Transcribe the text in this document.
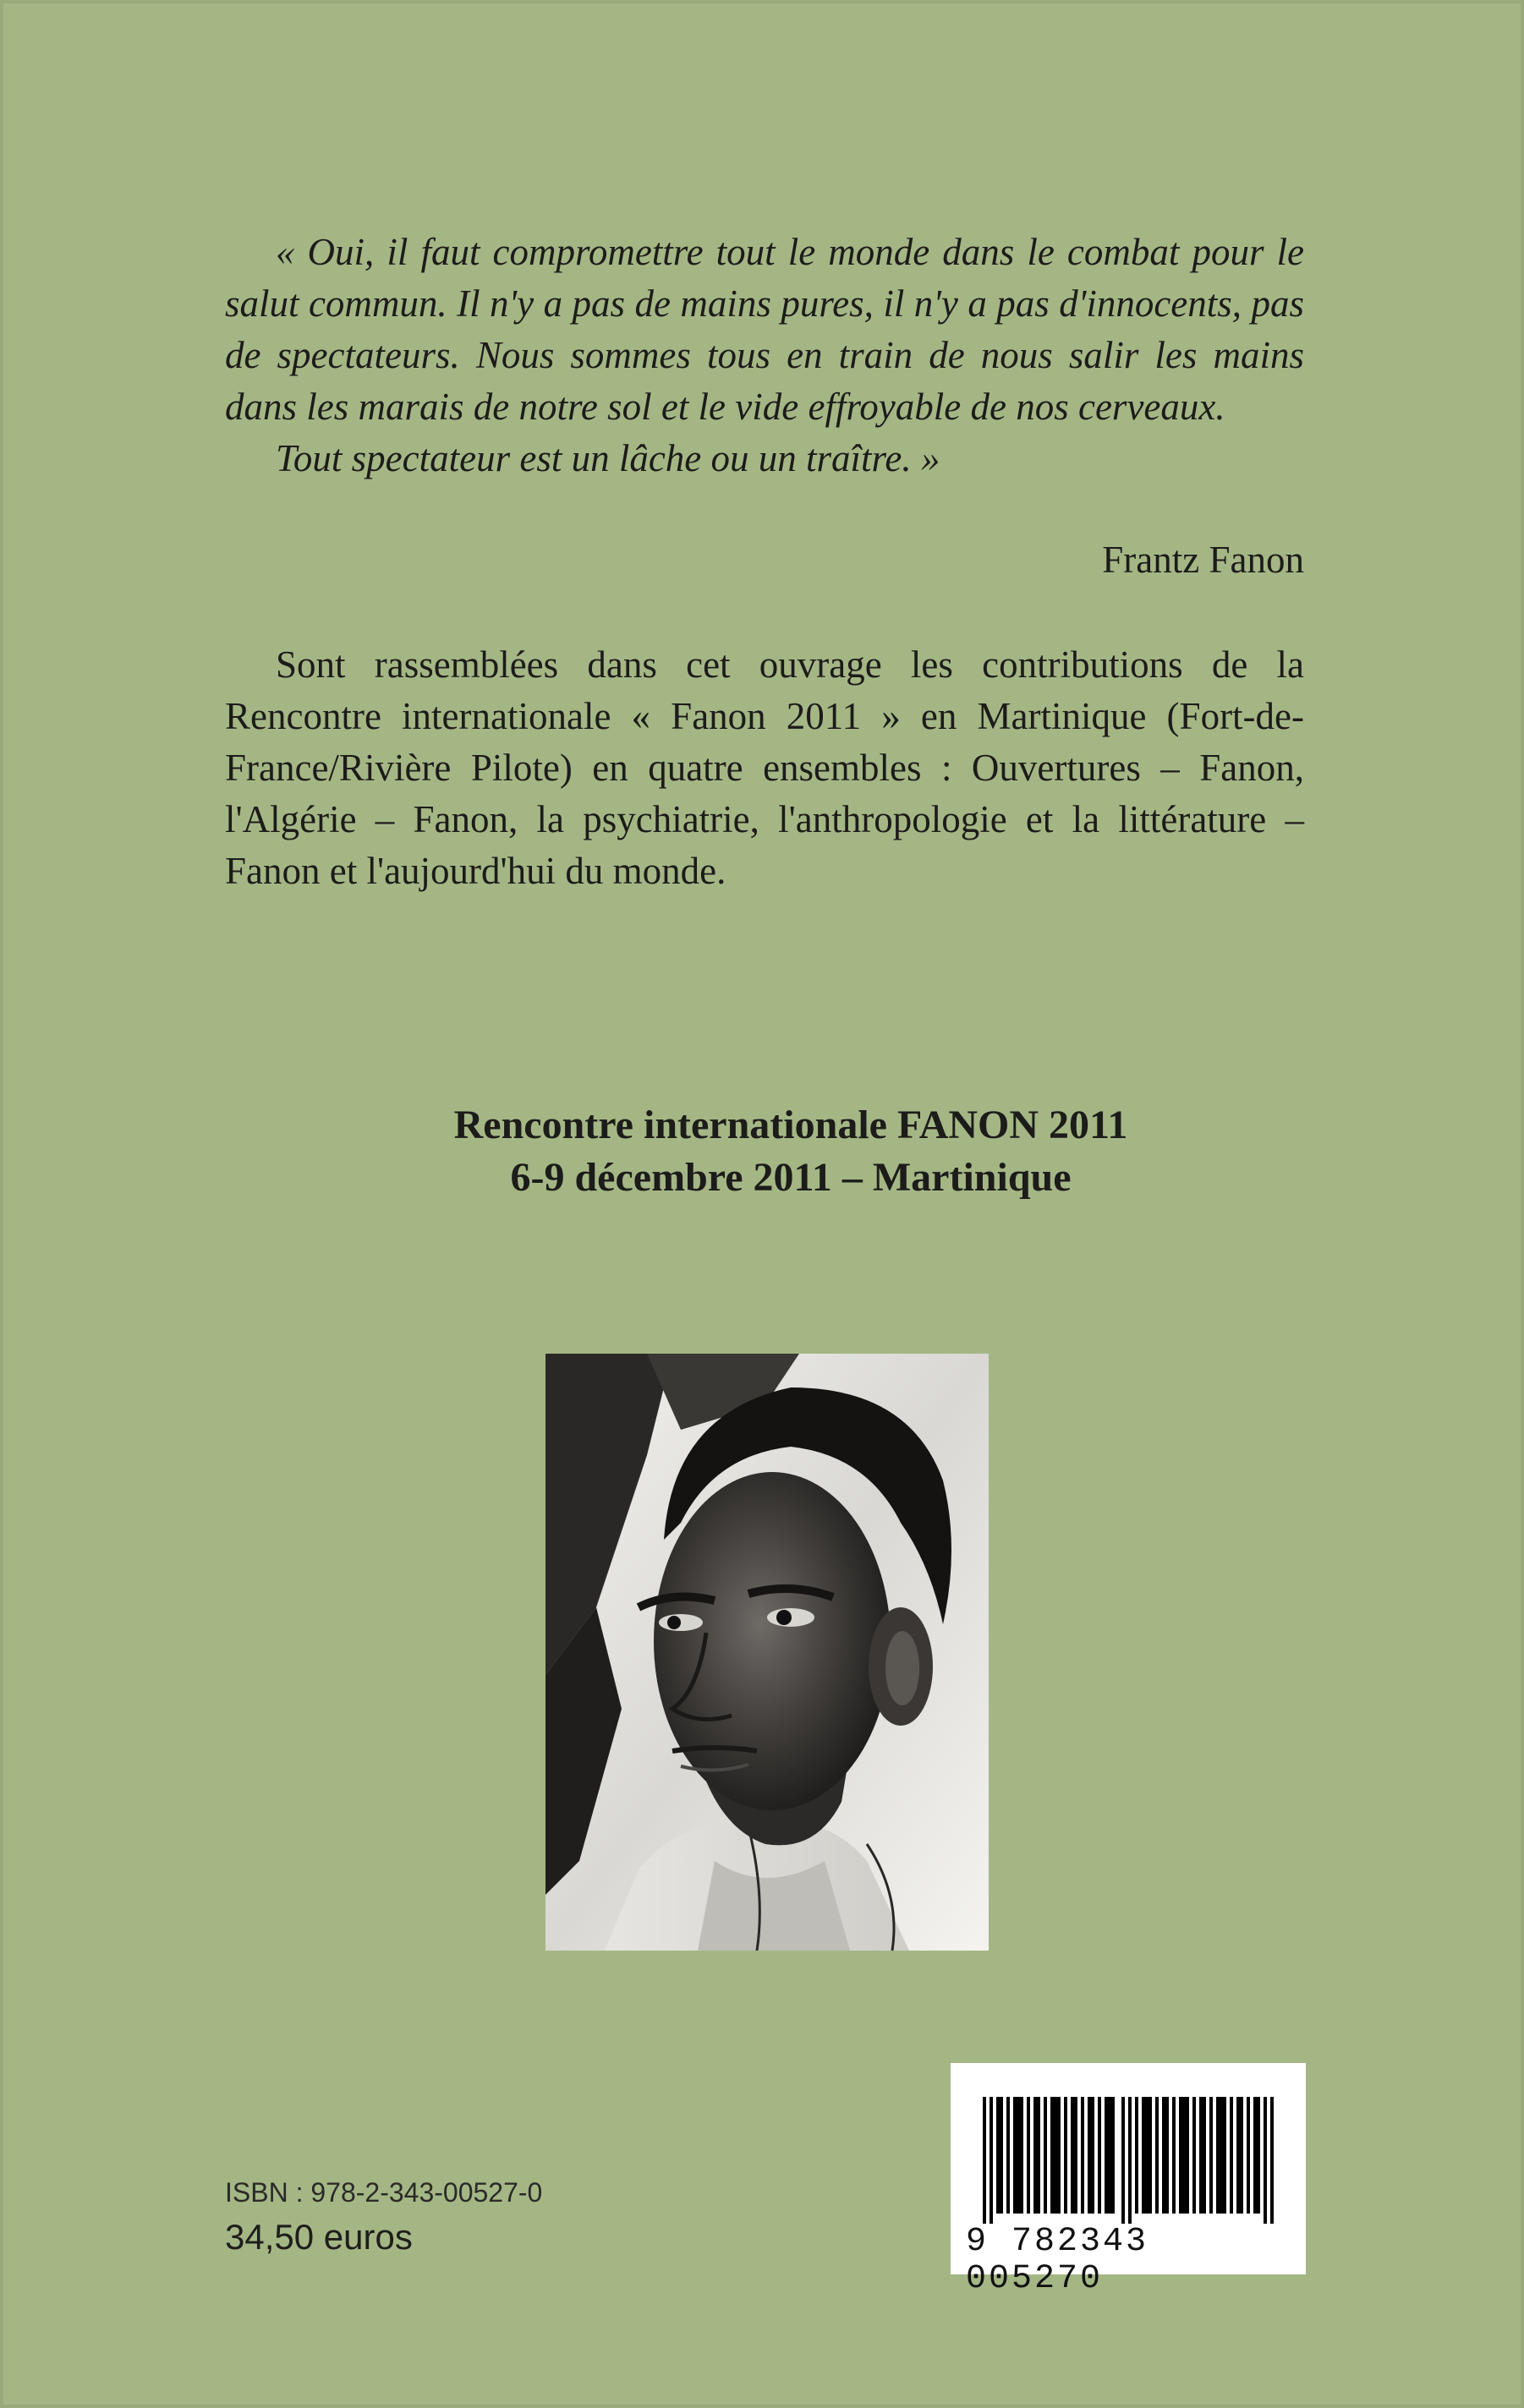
« Oui, il faut compromettre tout le monde dans le combat pour le salut commun. Il n'y a pas de mains pures, il n'y a pas d'innocents, pas de spectateurs. Nous sommes tous en train de nous salir les mains dans les marais de notre sol et le vide effroyable de nos cerveaux.

Tout spectateur est un lâche ou un traître. »

Frantz Fanon

Sont rassemblées dans cet ouvrage les contributions de la Rencontre internationale « Fanon 2011 » en Martinique (Fort-de-France/Rivière Pilote) en quatre ensembles : Ouvertures – Fanon, l'Algérie – Fanon, la psychiatrie, l'anthropologie et la littérature – Fanon et l'aujourd'hui du monde.

Rencontre internationale FANON 2011
6-9 décembre 2011 – Martinique
ISBN : 978-2-343-00527-0
34,50 euros	9 782343 005270
